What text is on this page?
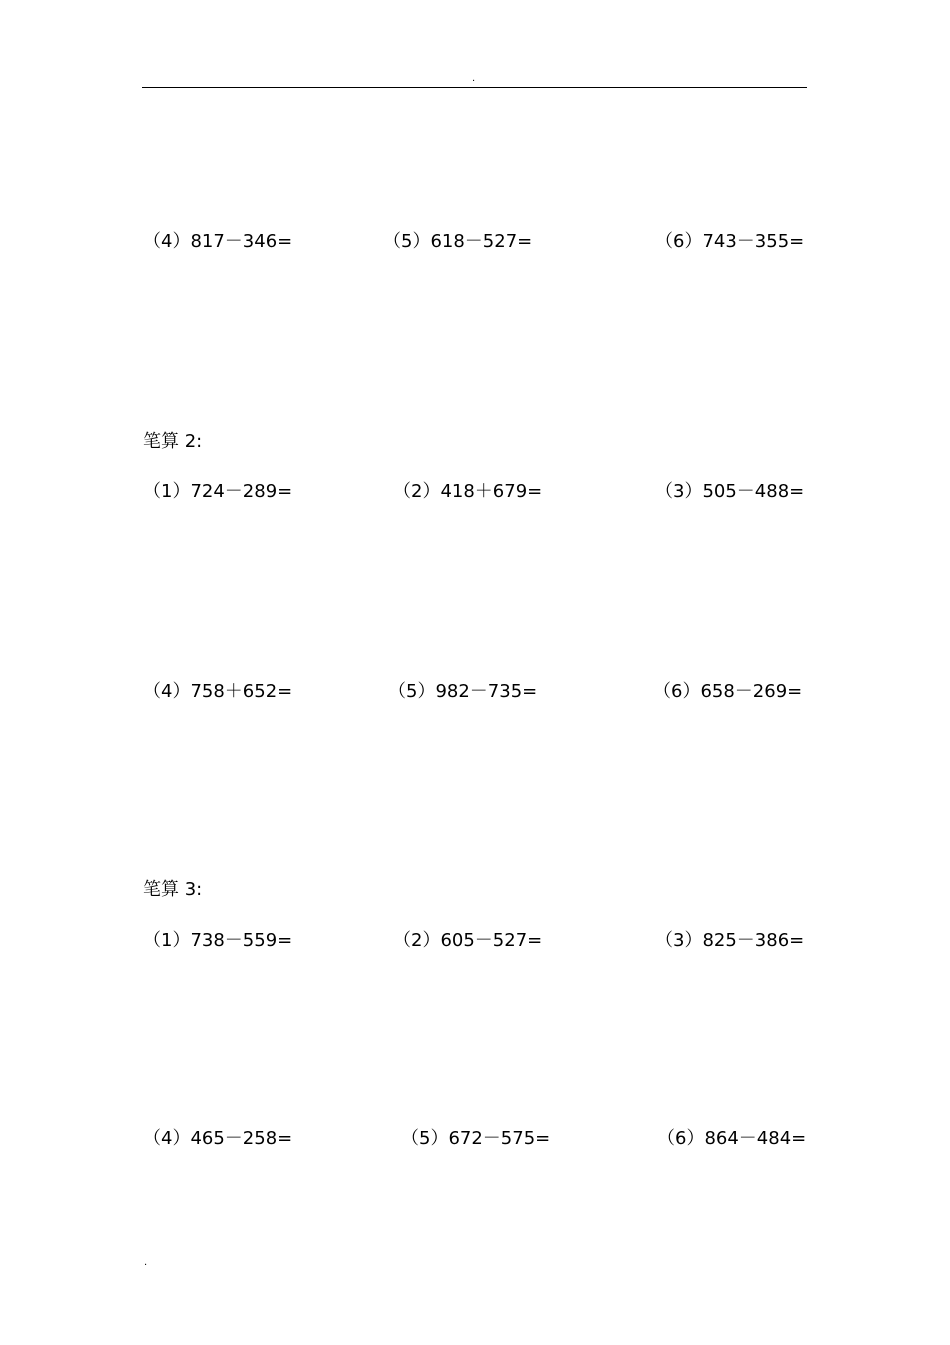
.
（4）817－346=	（5）618－527=	（6）743－355=
笔算 2:
（1）724－289=	（2）418＋679=	（3）505－488=
（4）758＋652=	（5）982－735=	（6）658－269=
笔算 3:
（1）738－559=	（2）605－527=	（3）825－386=
（4）465－258=	（5）672－575=	（6）864－484=
.
